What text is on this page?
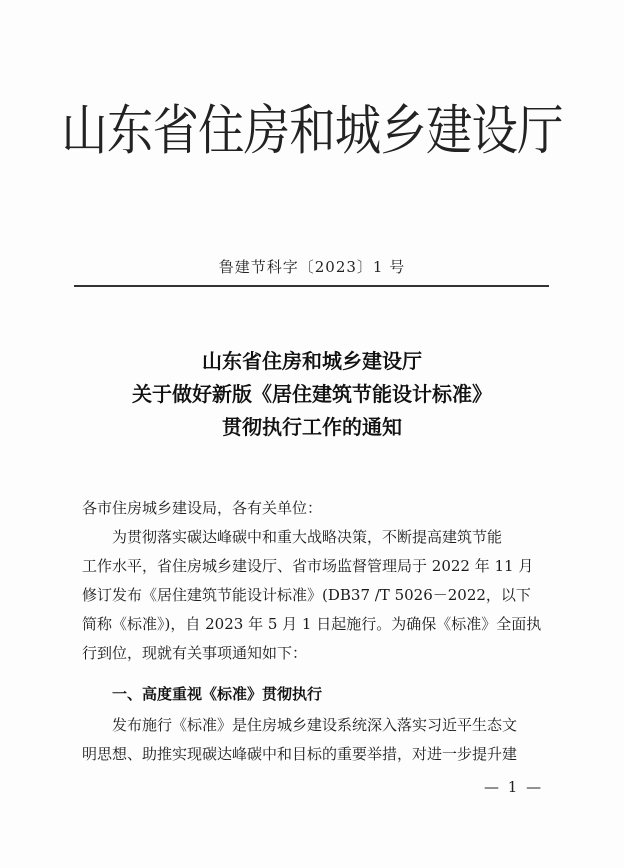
山东省住房和城乡建设厅
鲁建节科字〔2023〕1 号
山东省住房和城乡建设厅
关于做好新版《居住建筑节能设计标准》
贯彻执行工作的通知
各市住房城乡建设局，各有关单位：
为贯彻落实碳达峰碳中和重大战略决策，不断提高建筑节能
工作水平，省住房城乡建设厅、省市场监督管理局于 2022 年 11 月
修订发布《居住建筑节能设计标准》(DB37 /T 5026－2022，以下
简称《标准》)，自 2023 年 5 月 1 日起施行。为确保《标准》全面执
行到位，现就有关事项通知如下：
一、高度重视《标准》贯彻执行
发布施行《标准》是住房城乡建设系统深入落实习近平生态文
明思想、助推实现碳达峰碳中和目标的重要举措，对进一步提升建
— 1 —
